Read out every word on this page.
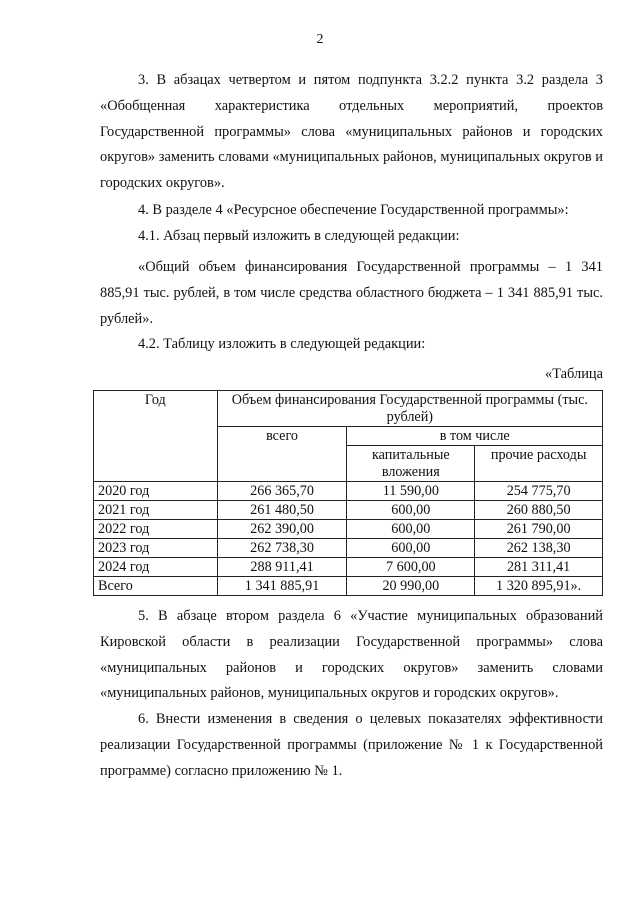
2

3. В абзацах четвертом и пятом подпункта 3.2.2 пункта 3.2 раздела 3 «Обобщенная характеристика отдельных мероприятий, проектов Государственной программы» слова «муниципальных районов и городских округов» заменить словами «муниципальных районов, муниципальных округов и городских округов».

4. В разделе 4 «Ресурсное обеспечение Государственной программы»:

4.1. Абзац первый изложить в следующей редакции:

«Общий объем финансирования Государственной программы – 1 341 885,91 тыс. рублей, в том числе средства областного бюджета – 1 341 885,91 тыс. рублей».

4.2. Таблицу изложить в следующей редакции:

«Таблица
Год	Объем финансирования Государственной программы (тыс. рублей)		
	всего	в том числе	
		капитальные вложения	прочие расходы
2020 год	266 365,70	11 590,00	254 775,70
2021 год	261 480,50	600,00	260 880,50
2022 год	262 390,00	600,00	261 790,00
2023 год	262 738,30	600,00	262 138,30
2024 год	288 911,41	7 600,00	281 311,41
Всего	1 341 885,91	20 990,00	1 320 895,91».

5. В абзаце втором раздела 6 «Участие муниципальных образований Кировской области в реализации Государственной программы» слова «муниципальных районов и городских округов» заменить словами «муниципальных районов, муниципальных округов и городских округов».

6. Внести изменения в сведения о целевых показателях эффективности реализации Государственной программы (приложение № 1 к Государственной программе) согласно приложению № 1.
